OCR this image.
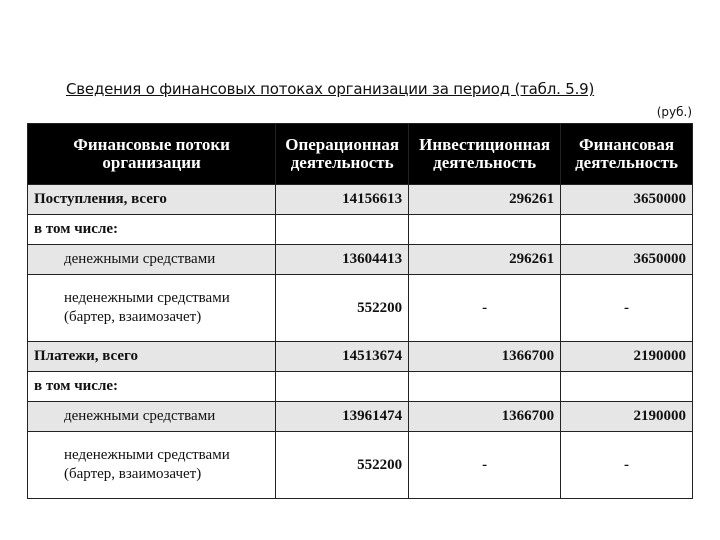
Сведения о финансовых потоках организации за период (табл. 5.9)
(руб.)
Финансовые потоки организации	Операционная деятельность	Инвестиционная деятельность	Финансовая деятельность
Поступления, всего	14156613	296261	3650000
в том числе:			
денежными средствами	13604413	296261	3650000
неденежными средствами (бартер, взаимозачет)	552200	-	-
Платежи, всего	14513674	1366700	2190000
в том числе:			
денежными средствами	13961474	1366700	2190000
неденежными средствами (бартер, взаимозачет)	552200	-	-
